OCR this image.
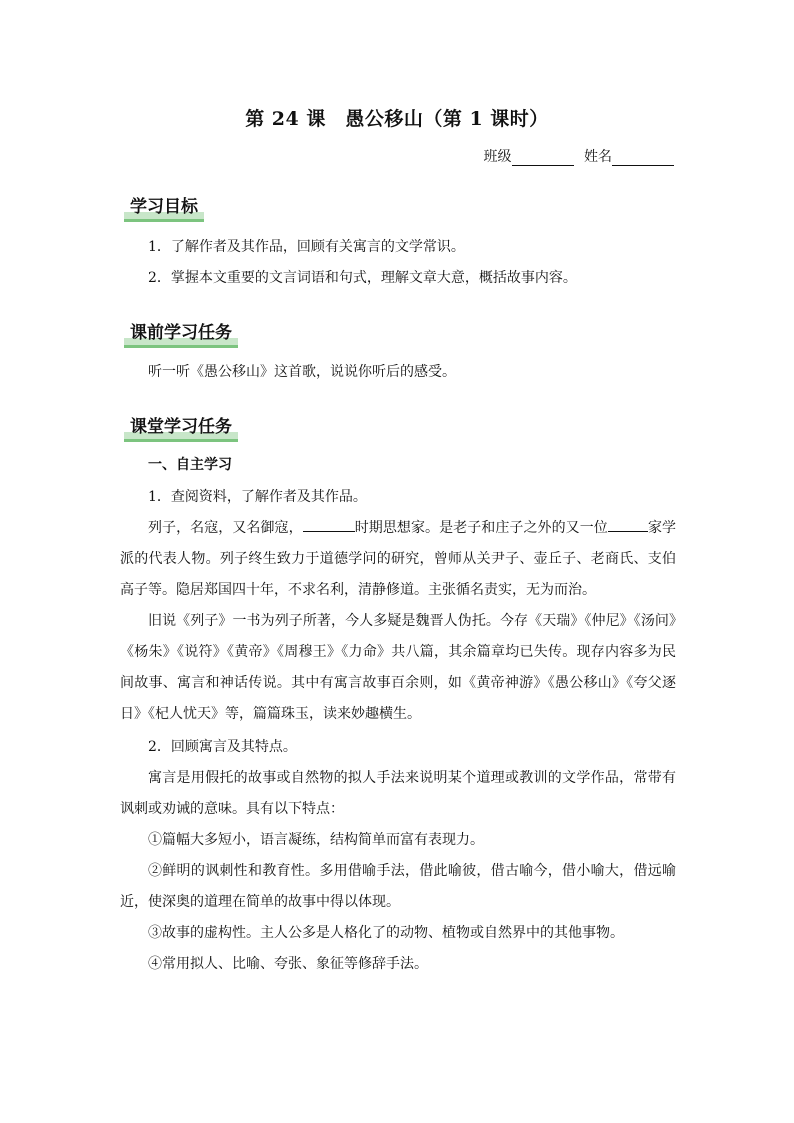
第 24 课　愚公移山（第 1 课时）
班级	姓名
学习目标
1．了解作者及其作品，回顾有关寓言的文学常识。
2．掌握本文重要的文言词语和句式，理解文章大意，概括故事内容。
课前学习任务
听一听《愚公移山》这首歌，说说你听后的感受。
课堂学习任务
一、自主学习
1．查阅资料，了解作者及其作品。
列子，名寇，又名御寇，	时期思想家。是老子和庄子之外的又一位	家学派的代表人物。列子终生致力于道德学问的研究，曾师从关尹子、壶丘子、老商氏、支伯高子等。隐居郑国四十年，不求名利，清静修道。主张循名责实，无为而治。
旧说《列子》一书为列子所著，今人多疑是魏晋人伪托。今存《天瑞》《仲尼》《汤问》《杨朱》《说符》《黄帝》《周穆王》《力命》共八篇，其余篇章均已失传。现存内容多为民间故事、寓言和神话传说。其中有寓言故事百余则，如《黄帝神游》《愚公移山》《夸父逐日》《杞人忧天》等，篇篇珠玉，读来妙趣横生。
2．回顾寓言及其特点。
寓言是用假托的故事或自然物的拟人手法来说明某个道理或教训的文学作品，常带有讽刺或劝诫的意味。具有以下特点：
①篇幅大多短小，语言凝练，结构简单而富有表现力。
②鲜明的讽刺性和教育性。多用借喻手法，借此喻彼，借古喻今，借小喻大，借远喻近，使深奥的道理在简单的故事中得以体现。
③故事的虚构性。主人公多是人格化了的动物、植物或自然界中的其他事物。
④常用拟人、比喻、夸张、象征等修辞手法。
